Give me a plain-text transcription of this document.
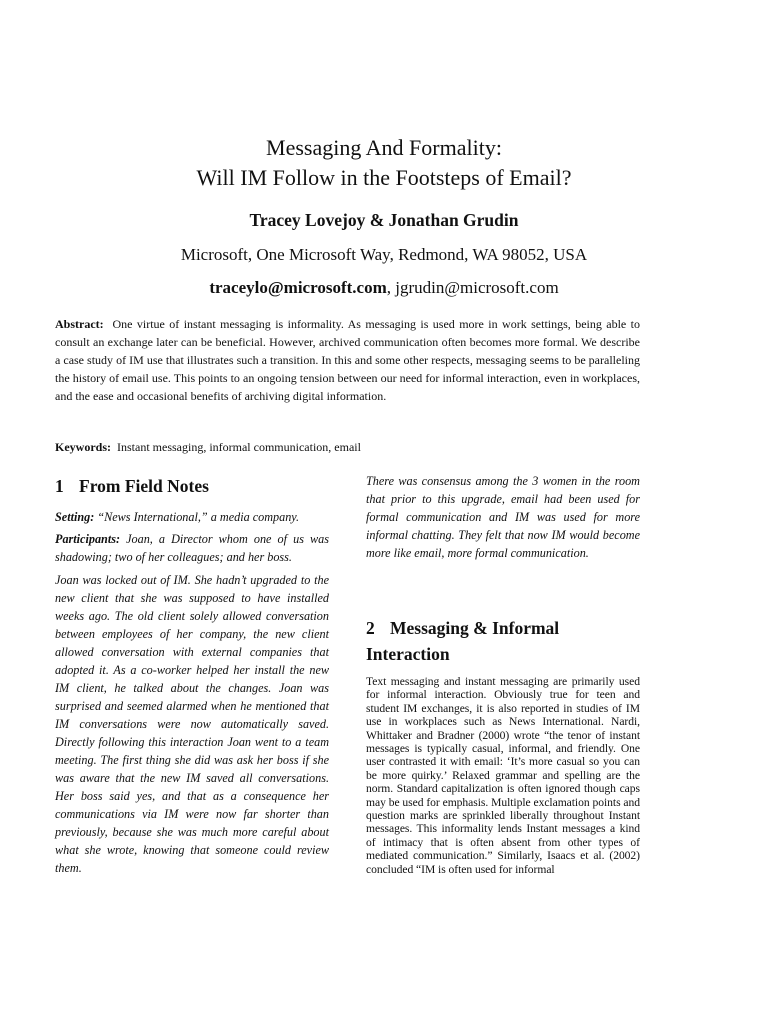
Messaging And Formality:
Will IM Follow in the Footsteps of Email?
Tracey Lovejoy & Jonathan Grudin
Microsoft, One Microsoft Way, Redmond, WA 98052, USA
traceylo@microsoft.com, jgrudin@microsoft.com
Abstract: One virtue of instant messaging is informality. As messaging is used more in work settings, being able to consult an exchange later can be beneficial. However, archived communication often becomes more formal. We describe a case study of IM use that illustrates such a transition. In this and some other respects, messaging seems to be paralleling the history of email use. This points to an ongoing tension between our need for informal interaction, even in workplaces, and the ease and occasional benefits of archiving digital information.
Keywords: Instant messaging, informal communication, email
1 From Field Notes

Setting: “News International,” a media company.

Participants: Joan, a Director whom one of us was shadowing; two of her colleagues; and her boss.

Joan was locked out of IM. She hadn’t upgraded to the new client that she was supposed to have installed weeks ago. The old client solely allowed conversation between employees of her company, the new client allowed conversation with external companies that adopted it. As a co-worker helped her install the new IM client, he talked about the changes. Joan was surprised and seemed alarmed when he mentioned that IM conversations were now automatically saved. Directly following this interaction Joan went to a team meeting. The first thing she did was ask her boss if she was aware that the new IM saved all conversations. Her boss said yes, and that as a consequence her communications via IM were now far shorter than previously, because she was much more careful about what she wrote, knowing that someone could review them.

There was consensus among the 3 women in the room that prior to this upgrade, email had been used for formal communication and IM was used for more informal chatting. They felt that now IM would become more like email, more formal communication.

2 Messaging & Informal Interaction

Text messaging and instant messaging are primarily used for informal interaction. Obviously true for teen and student IM exchanges, it is also reported in studies of IM use in workplaces such as News International. Nardi, Whittaker and Bradner (2000) wrote “the tenor of instant messages is typically casual, informal, and friendly. One user contrasted it with email: ‘It’s more casual so you can be more quirky.’ Relaxed grammar and spelling are the norm. Standard capitalization is often ignored though caps may be used for emphasis. Multiple exclamation points and question marks are sprinkled liberally throughout Instant messages. This informality lends Instant messages a kind of intimacy that is often absent from other types of mediated communication.” Similarly, Isaacs et al. (2002) concluded “IM is often used for informal
